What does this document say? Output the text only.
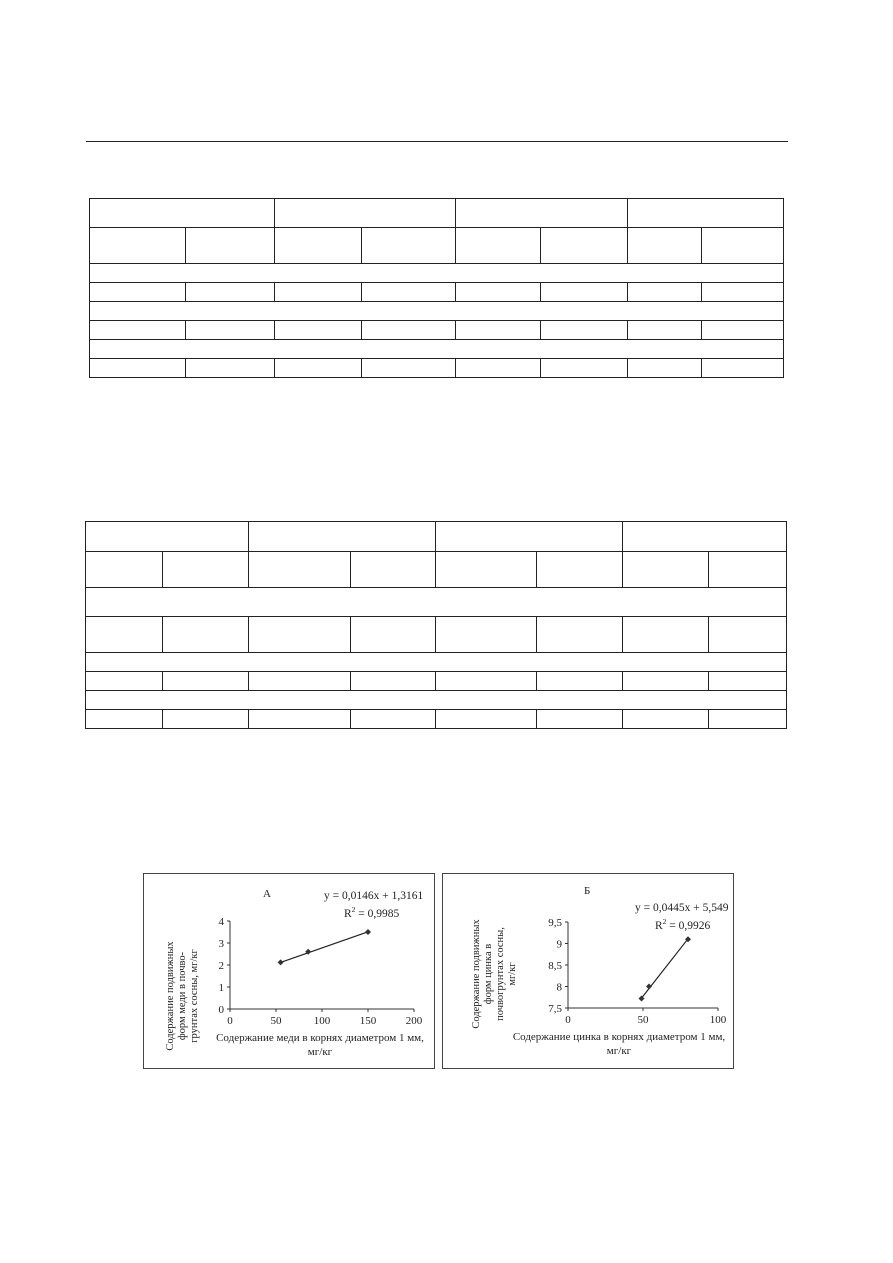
А	y = 0,0146x + 1,3161
$R^2 = 0,9985$
Содержание подвижных форм меди в почво- грунтах сосны, мг/кг Содержание меди в корнях диаметром 1 мм,
мг/кг
0	50	100	150	200
0
1
2
3
4
Б
y = 0,0445x + 5,549
$R^2 = 0,9926$
Содержание подвижных форм цинка в почвогрунтах сосны, мг/кг
Содержание цинка в корнях диаметром 1 мм,
мг/кг
0	50	100
7,5
8
8,5
9
9,5
